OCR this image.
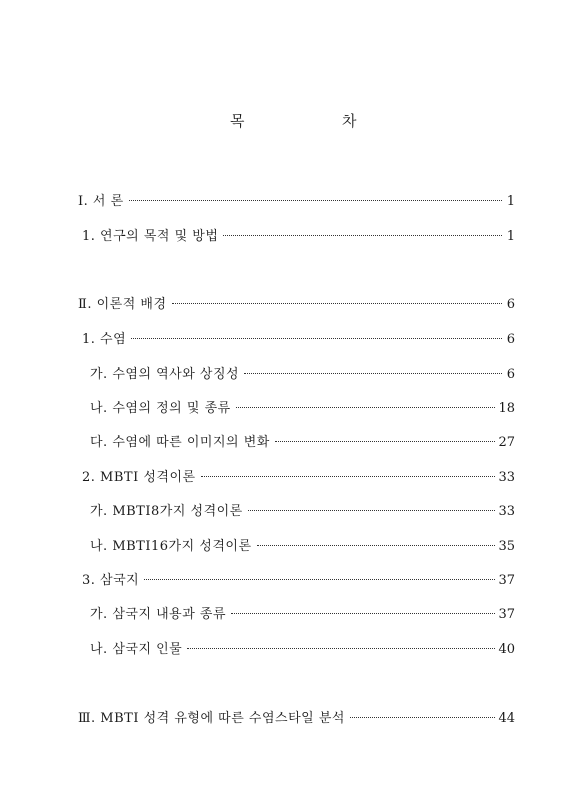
목	차
Ⅰ. 서 론	1
1. 연구의 목적 및 방법	1
Ⅱ. 이론적 배경	6
1. 수염	6
가. 수염의 역사와 상징성	6
나. 수염의 정의 및 종류	18
다. 수염에 따른 이미지의 변화	27
2. MBTI 성격이론	33
가. MBTI8가지 성격이론	33
나. MBTI16가지 성격이론	35
3. 삼국지	37
가. 삼국지 내용과 종류	37
나. 삼국지 인물	40
Ⅲ. MBTI 성격 유형에 따른 수염스타일 분석	44
